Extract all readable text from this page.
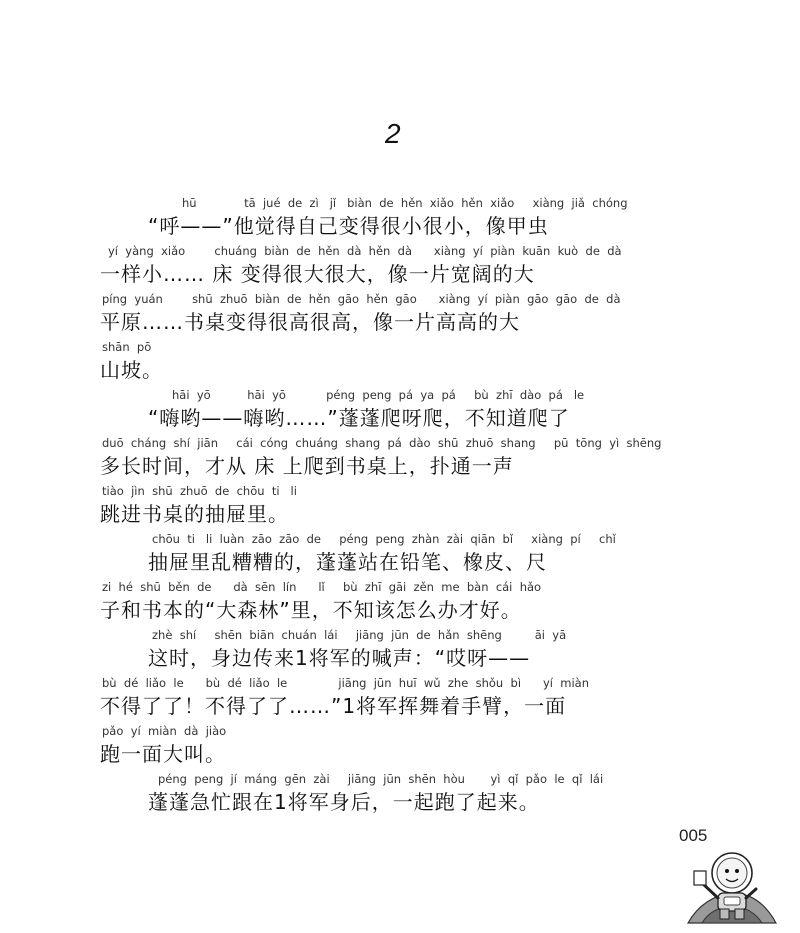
2
hū             tā  jué  de  zì   jǐ   biàn  de  hěn  xiǎo  hěn  xiǎo     xiàng  jiǎ  chóng
“呼——”他觉得自己变得很小很小，像甲虫
yí  yàng  xiǎo        chuáng  biàn  de  hěn  dà  hěn  dà      xiàng  yí  piàn  kuān  kuò  de  dà
一样小…… 床 变得很大很大，像一片宽阔的大
píng  yuán        shū  zhuō  biàn  de  hěn  gāo  hěn  gāo      xiàng  yí  piàn  gāo  gāo  de  dà
平原……书桌变得很高很高，像一片高高的大
shān  pō
山坡。
hāi  yō          hāi  yō           péng  peng  pá  ya  pá     bù  zhī  dào  pá   le
“嗨哟——嗨哟……”蓬蓬爬呀爬，不知道爬了
duō  cháng  shí  jiān     cái  cóng  chuáng  shang  pá  dào  shū  zhuō  shang     pū  tōng  yì  shēng
多长时间，才从 床 上爬到书桌上，扑通一声
tiào  jìn  shū  zhuō  de  chōu  ti   li
跳进书桌的抽屉里。
chōu  ti   li  luàn  zāo  zāo  de     péng  peng  zhàn  zài  qiān  bǐ     xiàng  pí     chǐ
抽屉里乱糟糟的，蓬蓬站在铅笔、橡皮、尺
zi  hé  shū  běn  de      dà  sēn  lín      lǐ     bù  zhī  gāi  zěn  me  bàn  cái  hǎo
子和书本的“大森林”里，不知该怎么办才好。
zhè  shí     shēn  biān  chuán  lái     jiāng  jūn  de  hǎn  shēng         āi  yā
这时，身边传来1将军的喊声：“哎呀——
bù  dé  liǎo  le      bù  dé  liǎo  le              jiāng  jūn  huī  wǔ  zhe  shǒu  bì      yí  miàn
不得了了！不得了了……”1将军挥舞着手臂，一面
pǎo  yí  miàn  dà  jiào
跑一面大叫。
péng  peng  jí  máng  gēn  zài     jiāng  jūn  shēn  hòu       yì  qǐ  pǎo  le  qǐ  lái
蓬蓬急忙跟在1将军身后，一起跑了起来。
005
